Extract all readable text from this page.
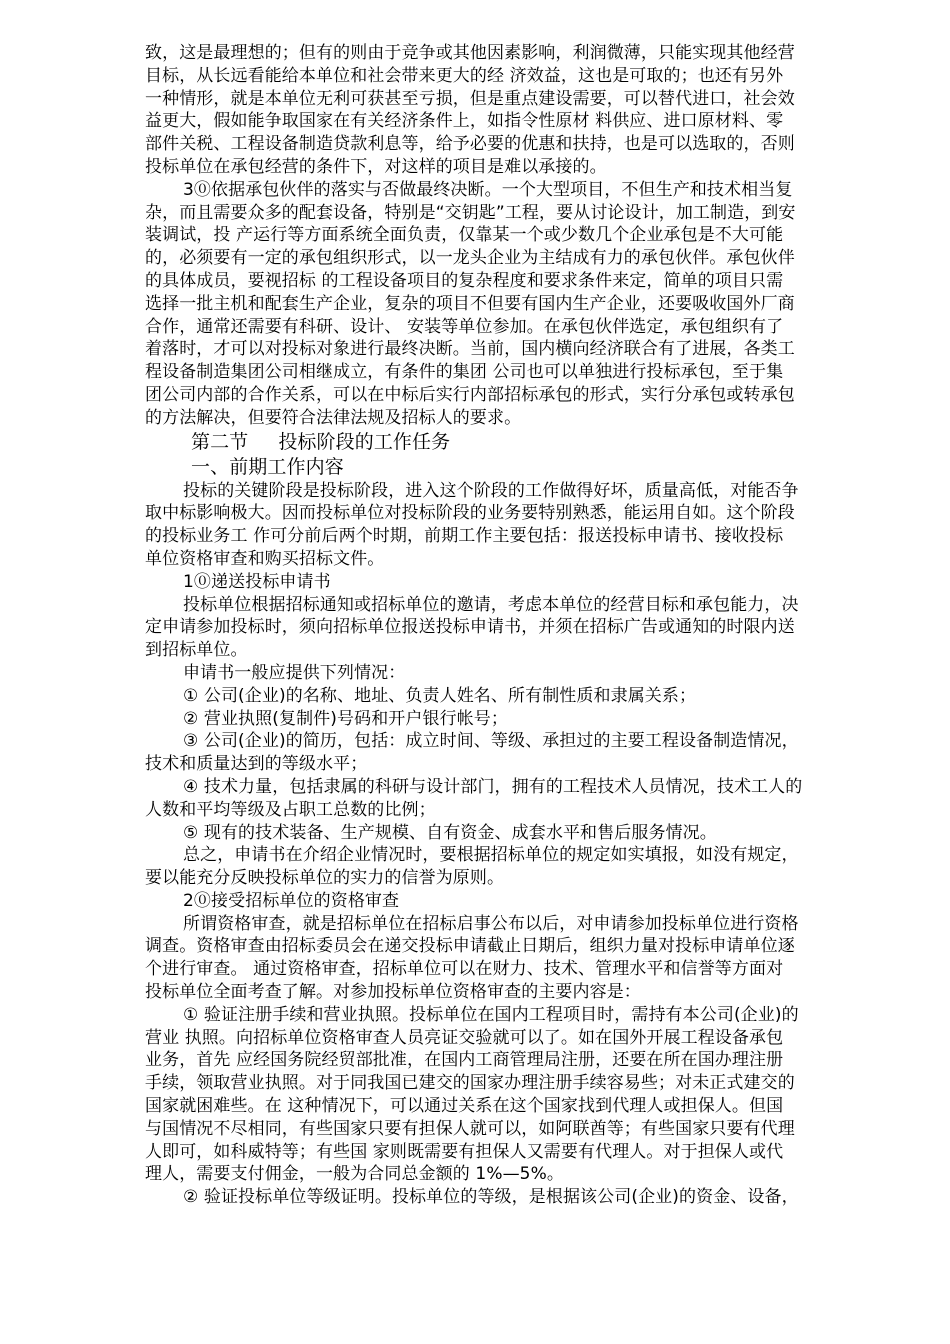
致，这是最理想的；但有的则由于竞争或其他因素影响，利润微薄，只能实现其他经营
目标，从长远看能给本单位和社会带来更大的经 济效益，这也是可取的；也还有另外
一种情形，就是本单位无利可获甚至亏损，但是重点建设需要，可以替代进口，社会效
益更大，假如能争取国家在有关经济条件上，如指令性原材 料供应、进口原材料、零
部件关税、工程设备制造贷款利息等，给予必要的优惠和扶持，也是可以选取的，否则
投标单位在承包经营的条件下，对这样的项目是难以承接的。
3⓪依据承包伙伴的落实与否做最终决断。一个大型项目，不但生产和技术相当复
杂，而且需要众多的配套设备，特别是“交钥匙”工程，要从讨论设计，加工制造，到安
装调试，投 产运行等方面系统全面负责，仅靠某一个或少数几个企业承包是不大可能
的，必须要有一定的承包组织形式，以一龙头企业为主结成有力的承包伙伴。承包伙伴
的具体成员，要视招标 的工程设备项目的复杂程度和要求条件来定，简单的项目只需
选择一批主机和配套生产企业，复杂的项目不但要有国内生产企业，还要吸收国外厂商
合作，通常还需要有科研、设计、 安装等单位参加。在承包伙伴选定，承包组织有了
着落时，才可以对投标对象进行最终决断。当前，国内横向经济联合有了进展，各类工
程设备制造集团公司相继成立，有条件的集团 公司也可以单独进行投标承包，至于集
团公司内部的合作关系，可以在中标后实行内部招标承包的形式，实行分承包或转承包
的方法解决，但要符合法律法规及招标人的要求。
第二节 投标阶段的工作任务
一、前期工作内容
投标的关键阶段是投标阶段，进入这个阶段的工作做得好坏，质量高低，对能否争
取中标影响极大。因而投标单位对投标阶段的业务要特别熟悉，能运用自如。这个阶段
的投标业务工 作可分前后两个时期，前期工作主要包括：报送投标申请书、接收投标
单位资格审查和购买招标文件。
1⓪递送投标申请书
投标单位根据招标通知或招标单位的邀请，考虑本单位的经营目标和承包能力，决
定申请参加投标时，须向招标单位报送投标申请书，并须在招标广告或通知的时限内送
到招标单位。
申请书一般应提供下列情况：
① 公司(企业)的名称、地址、负责人姓名、所有制性质和隶属关系；
② 营业执照(复制件)号码和开户银行帐号；
③ 公司(企业)的简历，包括：成立时间、等级、承担过的主要工程设备制造情况，
技术和质量达到的等级水平；
④ 技术力量，包括隶属的科研与设计部门，拥有的工程技术人员情况，技术工人的
人数和平均等级及占职工总数的比例；
⑤ 现有的技术装备、生产规模、自有资金、成套水平和售后服务情况。
总之，申请书在介绍企业情况时，要根据招标单位的规定如实填报，如没有规定，
要以能充分反映投标单位的实力的信誉为原则。
2⓪接受招标单位的资格审查
所谓资格审查，就是招标单位在招标启事公布以后，对申请参加投标单位进行资格
调查。资格审查由招标委员会在递交投标申请截止日期后，组织力量对投标申请单位逐
个进行审查。 通过资格审查，招标单位可以在财力、技术、管理水平和信誉等方面对
投标单位全面考查了解。对参加投标单位资格审查的主要内容是：
① 验证注册手续和营业执照。投标单位在国内工程项目时，需持有本公司(企业)的
营业 执照。向招标单位资格审查人员亮证交验就可以了。如在国外开展工程设备承包
业务，首先 应经国务院经贸部批准，在国内工商管理局注册，还要在所在国办理注册
手续，领取营业执照。对于同我国已建交的国家办理注册手续容易些；对未正式建交的
国家就困难些。在 这种情况下，可以通过关系在这个国家找到代理人或担保人。但国
与国情况不尽相同，有些国家只要有担保人就可以，如阿联酋等；有些国家只要有代理
人即可，如科威特等；有些国 家则既需要有担保人又需要有代理人。对于担保人或代
理人，需要支付佣金，一般为合同总金额的 1%—5%。
② 验证投标单位等级证明。投标单位的等级，是根据该公司(企业)的资金、设备，
